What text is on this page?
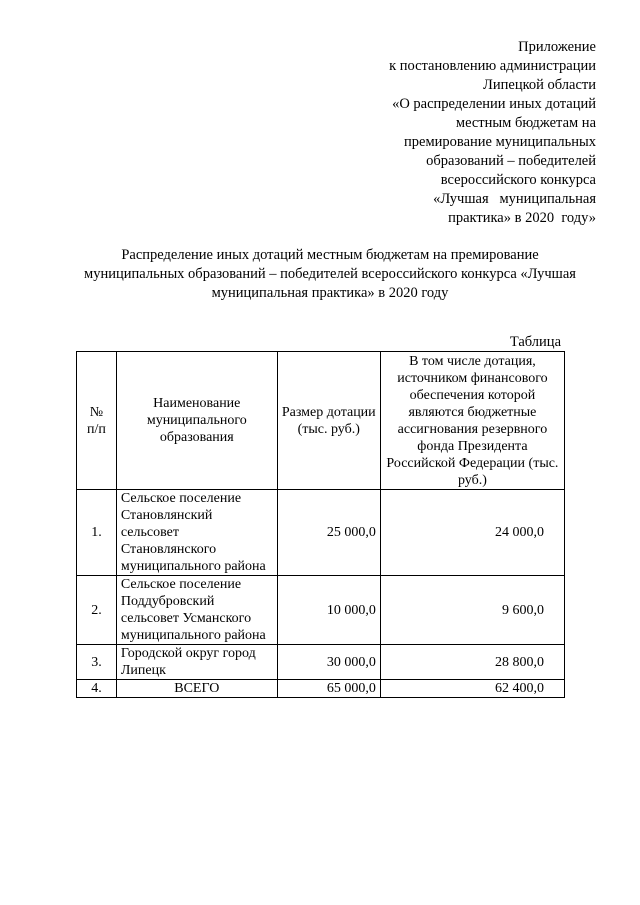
Приложение
к постановлению администрации
Липецкой области
«О распределении иных дотаций
местным бюджетам на
премирование муниципальных
образований – победителей
всероссийского конкурса
«Лучшая   муниципальная
практика» в 2020  году»
Распределение иных дотаций местным бюджетам на премирование
муниципальных образований – победителей всероссийского конкурса «Лучшая
муниципальная практика» в 2020 году
Таблица
№
п/п	Наименование муниципального образования	Размер дотации (тыс. руб.)	В том числе дотация, источником финансового обеспечения которой являются бюджетные ассигнования резервного фонда Президента Российской Федерации (тыс. руб.)
1.	Сельское поселение Становлянский сельсовет Становлянского муниципального района	25 000,0	24 000,0
2.	Сельское поселение Поддубровский сельсовет Усманского муниципального района	10 000,0	9 600,0
3.	Городской округ город Липецк	30 000,0	28 800,0
4.	ВСЕГО	65 000,0	62 400,0
